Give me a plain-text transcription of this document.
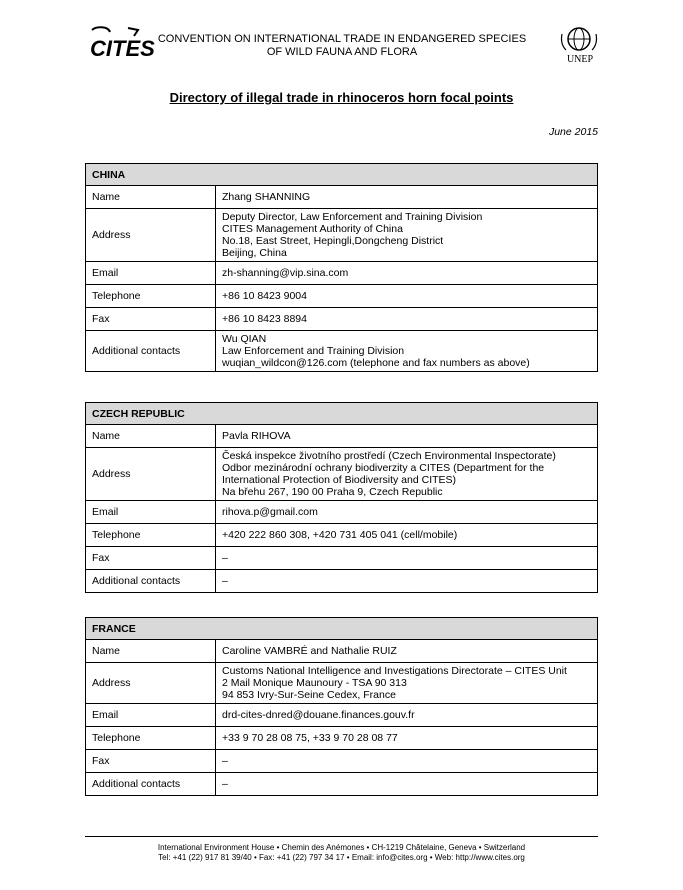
CITES CONVENTION ON INTERNATIONAL TRADE IN ENDANGERED SPECIES
OF WILD FAUNA AND FLORA
UNEP
Directory of illegal trade in rhinoceros horn focal points
June 2015
CHINA	
Name	Zhang SHANNING
Address	Deputy Director, Law Enforcement and Training Division
CITES Management Authority of China
No.18, East Street, Hepingli,Dongcheng District
Beijing, China

Email	zh-shanning@vip.sina.com
Telephone	+86 10 8423 9004
Fax	+86 10 8423 8894
Additional contacts	Wu QIAN
Law Enforcement and Training Division
wuqian_wildcon@126.com (telephone and fax numbers as above)
CZECH REPUBLIC	
Name	Pavla RIHOVA
Address	Česká inspekce životního prostředí (Czech Environmental Inspectorate)
Odbor mezinárodní ochrany biodiverzity a CITES (Department for the
International Protection of Biodiversity and CITES)
Na břehu 267, 190 00 Praha 9, Czech Republic

Email	rihova.p@gmail.com
Telephone	+420 222 860 308, +420 731 405 041 (cell/mobile)
Fax	–
Additional contacts	–
FRANCE	
Name	Caroline VAMBRÉ and Nathalie RUIZ
Address	Customs National Intelligence and Investigations Directorate – CITES Unit
2 Mail Monique Maunoury - TSA 90 313
94 853 Ivry-Sur-Seine Cedex, France

Email	drd-cites-dnred@douane.finances.gouv.fr
Telephone	+33 9 70 28 08 75, +33 9 70 28 08 77
Fax	–
Additional contacts	–
International Environment House • Chemin des Anémones • CH-1219 Châtelaine, Geneva • Switzerland
Tel: +41 (22) 917 81 39/40 • Fax: +41 (22) 797 34 17 • Email: info@cites.org • Web: http://www.cites.org
